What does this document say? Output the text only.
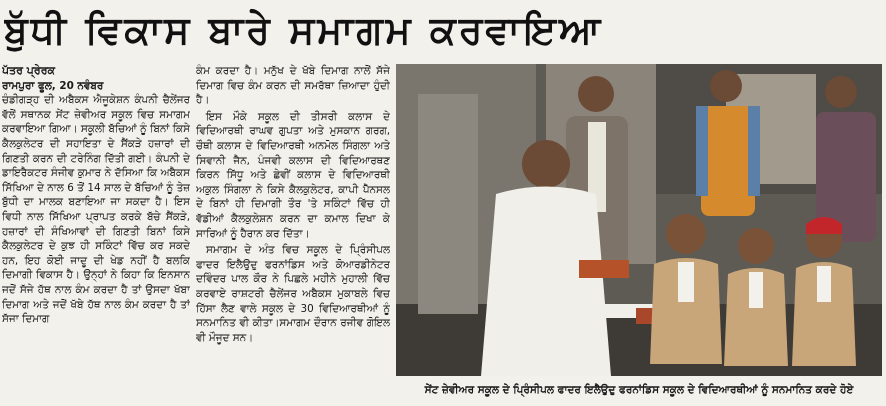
ਬੁੱਧੀ ਵਿਕਾਸ ਬਾਰੇ ਸਮਾਗਮ ਕਰਵਾਇਆ
ਪੱਤਰ ਪ੍ਰੇਰਕ
ਰਾਮਪੁਰਾ ਫੂਲ, 20 ਨਵੰਬਰ

ਚੰਡੀਗੜ੍ਹ ਦੀ ਅਬੈਕਸ ਐਜੂਕੇਸ਼ਨ ਕੰਪਨੀ ਚੈਲੇਂਜਰ ਵੱਲੋਂ ਸਥਾਨਕ ਸੇਂਟ ਜ਼ੇਵੀਅਰ ਸਕੂਲ ਵਿਚ ਸਮਾਗਮ ਕਰਵਾਇਆ ਗਿਆ। ਸਕੂਲੀ ਬੱਚਿਆਂ ਨੂੰ ਬਿਨਾਂ ਕਿਸੇ ਕੈਲਕੁਲੇਟਰ ਦੀ ਸਹਾਇਤਾ ਦੇ ਸੈਂਕੜੇ ਹਜ਼ਾਰਾਂ ਦੀ ਗਿਣਤੀ ਕਰਨ ਦੀ ਟਰੇਨਿੰਗ ਦਿੱਤੀ ਗਈ। ਕੰਪਨੀ ਦੇ ਡਾਇਰੈਕਟਰ ਸੰਜੀਵ ਕੁਮਾਰ ਨੇ ਦੱਸਿਆ ਕਿ ਅਬੈਕਸ ਸਿੱਖਿਆ ਦੇ ਨਾਲ 6 ਤੋਂ 14 ਸਾਲ ਦੇ ਬੱਚਿਆਂ ਨੂੰ ਤੇਜ਼ ਬੁੱਧੀ ਦਾ ਮਾਲਕ ਬਣਾਇਆ ਜਾ ਸਕਦਾ ਹੈ। ਇਸ ਵਿਧੀ ਨਾਲ ਸਿੱਖਿਆ ਪ੍ਰਾਪਤ ਕਰਕੇ ਬੱਚੇ ਸੈਂਕੜੇ, ਹਜ਼ਾਰਾਂ ਦੀ ਸੰਖਿਆਵਾਂ ਦੀ ਗਿਣਤੀ ਬਿਨਾਂ ਕਿਸੇ ਕੈਲਕੁਲੇਟਰ ਦੇ ਕੁਝ ਹੀ ਸਕਿੰਟਾਂ ਵਿੱਚ ਕਰ ਸਕਦੇ ਹਨ, ਇਹ ਕੋਈ ਜਾਦੂ ਦੀ ਖੇਡ ਨਹੀਂ ਹੈ ਬਲਕਿ ਦਿਮਾਗੀ ਵਿਕਾਸ ਹੈ। ਉਨ੍ਹਾਂ ਨੇ ਕਿਹਾ ਕਿ ਇਨਸਾਨ ਜਦੋਂ ਸੱਜੇ ਹੱਥ ਨਾਲ ਕੰਮ ਕਰਦਾ ਹੈ ਤਾਂ ਉਸਦਾ ਖੱਬਾ ਦਿਮਾਗ ਅਤੇ ਜਦੋਂ ਖੱਬੇ ਹੱਥ ਨਾਲ ਕੰਮ ਕਰਦਾ ਹੈ ਤਾਂ ਸੱਜਾ ਦਿਮਾਗ

ਕੰਮ ਕਰਦਾ ਹੈ। ਮਨੁੱਖ ਦੇ ਖੱਬੇ ਦਿਮਾਗ ਨਾਲੋਂ ਸੱਜੇ ਦਿਮਾਗ ਵਿਚ ਕੰਮ ਕਰਨ ਦੀ ਸਮਰੱਥਾ ਜ਼ਿਆਦਾ ਹੁੰਦੀ ਹੈ।

ਇਸ ਮੌਕੇ ਸਕੂਲ ਦੀ ਤੀਸਰੀ ਕਲਾਸ ਦੇ ਵਿਦਿਆਰਥੀ ਰਾਘਵ ਗੁਪਤਾ ਅਤੇ ਮੁਸਕਾਨ ਗਰਗ, ਚੌਥੀ ਕਲਾਸ ਦੇ ਵਿਦਿਆਰਥੀ ਅਨਮੋਲ ਸਿੰਗਲਾ ਅਤੇ ਸਿਵਾਨੀ ਜੈਨ, ਪੰਜਵੀ ਕਲਾਸ ਦੀ ਵਿਦਿਆਰਥਣ ਕਿਰਨ ਸਿੱਧੂ ਅਤੇ ਛੇਵੀਂ ਕਲਾਸ ਦੇ ਵਿਦਿਆਰਥੀ ਅਕੁਲ ਸਿੰਗਲਾ ਨੇ ਕਿਸੇ ਕੈਲਕੁਲੇਟਰ, ਕਾਪੀ ਪੈੱਨਸਲ ਦੇ ਬਿਨਾਂ ਹੀ ਦਿਮਾਗੀ ਤੌਰ 'ਤੇ ਸਕਿੰਟਾਂ ਵਿੱਚ ਹੀ ਵੱਡੀਆਂ ਕੈਲਕੁਲੇਸ਼ਨ ਕਰਨ ਦਾ ਕਮਾਲ ਦਿਖਾ ਕੇ ਸਾਰਿਆਂ ਨੂੰ ਹੈਰਾਨ ਕਰ ਦਿੱਤਾ।

ਸਮਾਗਮ ਦੇ ਅੰਤ ਵਿਚ ਸਕੂਲ ਦੇ ਪ੍ਰਿੰਸੀਪਲ ਫਾਦਰ ਇਲੈਉਦੁ ਫਰਨਾਂਡਿਸ ਅਤੇ ਕੋਆਰਡੀਨੇਟਰ ਦਵਿੰਦਰ ਪਾਲ ਕੌਰ ਨੇ ਪਿਛਲੇ ਮਹੀਨੇ ਮੁਹਾਲੀ ਵਿੱਚ ਕਰਵਾਏ ਰਾਸ਼ਟਰੀ ਚੈਲੇਂਜਰ ਅਬੈਕਸ ਮੁਕਾਬਲੇ ਵਿਚ ਹਿੱਸਾ ਲੈਣ ਵਾਲੇ ਸਕੂਲ ਦੇ 30 ਵਿਦਿਆਰਥੀਆਂ ਨੂੰ ਸਨਮਾਨਿਤ ਵੀ ਕੀਤਾ।ਸਮਾਗਮ ਦੌਰਾਨ ਰਜੀਵ ਗੋਇਲ ਵੀ ਮੌਜੂਦ ਸਨ।

ਸੇਂਟ ਜ਼ੇਵੀਅਰ ਸਕੂਲ ਦੇ ਪ੍ਰਿੰਸੀਪਲ ਫਾਦਰ ਇਲੈਉਦੁ ਫਰਨਾਂਡਿਸ ਸਕੂਲ ਦੇ ਵਿਦਿਆਰਥੀਆਂ ਨੂੰ ਸਨਮਾਨਿਤ ਕਰਦੇ ਹੋਏ
